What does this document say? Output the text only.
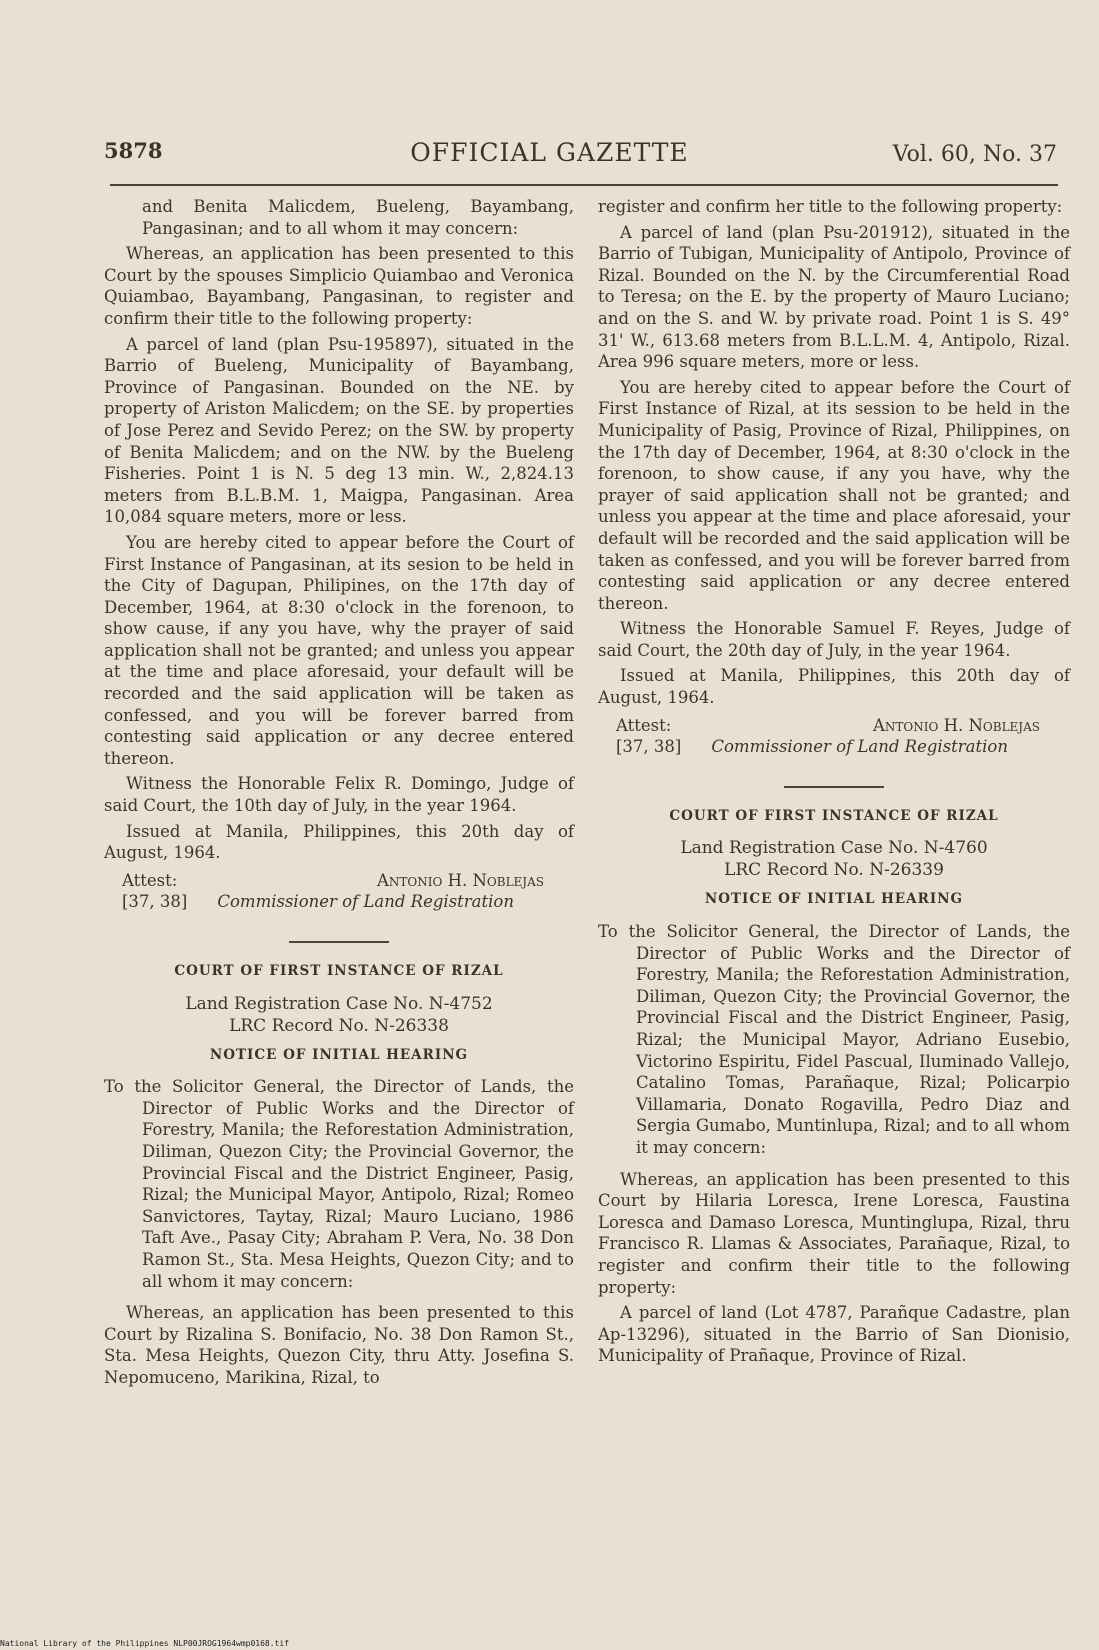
5878	OFFICIAL GAZETTE	Vol. 60, No. 37

and Benita Malicdem, Bueleng, Bayambang, Pangasinan; and to all whom it may concern:

Whereas, an application has been presented to this Court by the spouses Simplicio Quiambao and Veronica Quiambao, Bayambang, Pangasinan, to register and confirm their title to the following property:

A parcel of land (plan Psu-195897), situated in the Barrio of Bueleng, Municipality of Bayambang, Province of Pangasinan. Bounded on the NE. by property of Ariston Malicdem; on the SE. by properties of Jose Perez and Sevido Perez; on the SW. by property of Benita Malicdem; and on the NW. by the Bueleng Fisheries. Point 1 is N. 5 deg 13 min. W., 2,824.13 meters from B.L.B.M. 1, Maigpa, Pangasinan. Area 10,084 square meters, more or less.

You are hereby cited to appear before the Court of First Instance of Pangasinan, at its sesion to be held in the City of Dagupan, Philipines, on the 17th day of December, 1964, at 8:30 o'clock in the forenoon, to show cause, if any you have, why the prayer of said application shall not be granted; and unless you appear at the time and place aforesaid, your default will be recorded and the said application will be taken as confessed, and you will be forever barred from contesting said application or any decree entered thereon.

Witness the Honorable Felix R. Domingo, Judge of said Court, the 10th day of July, in the year 1964.

Issued at Manila, Philippines, this 20th day of August, 1964.

Attest:	Antonio H. Noblejas
[37, 38] Commissioner of Land Registration
COURT OF FIRST INSTANCE OF RIZAL
Land Registration Case No. N-4752
LRC Record No. N-26338
NOTICE OF INITIAL HEARING

To the Solicitor General, the Director of Lands, the Director of Public Works and the Director of Forestry, Manila; the Reforestation Administration, Diliman, Quezon City; the Provincial Governor, the Provincial Fiscal and the District Engineer, Pasig, Rizal; the Municipal Mayor, Antipolo, Rizal; Romeo Sanvictores, Taytay, Rizal; Mauro Luciano, 1986 Taft Ave., Pasay City; Abraham P. Vera, No. 38 Don Ramon St., Sta. Mesa Heights, Quezon City; and to all whom it may concern:

Whereas, an application has been presented to this Court by Rizalina S. Bonifacio, No. 38 Don Ramon St., Sta. Mesa Heights, Quezon City, thru Atty. Josefina S. Nepomuceno, Marikina, Rizal, to

register and confirm her title to the following property:

A parcel of land (plan Psu-201912), situated in the Barrio of Tubigan, Municipality of Antipolo, Province of Rizal. Bounded on the N. by the Circumferential Road to Teresa; on the E. by the property of Mauro Luciano; and on the S. and W. by private road. Point 1 is S. 49° 31' W., 613.68 meters from B.L.L.M. 4, Antipolo, Rizal. Area 996 square meters, more or less.

You are hereby cited to appear before the Court of First Instance of Rizal, at its session to be held in the Municipality of Pasig, Province of Rizal, Philippines, on the 17th day of December, 1964, at 8:30 o'clock in the forenoon, to show cause, if any you have, why the prayer of said application shall not be granted; and unless you appear at the time and place aforesaid, your default will be recorded and the said application will be taken as confessed, and you will be forever barred from contesting said application or any decree entered thereon.

Witness the Honorable Samuel F. Reyes, Judge of said Court, the 20th day of July, in the year 1964.

Issued at Manila, Philippines, this 20th day of August, 1964.

Attest:	Antonio H. Noblejas
[37, 38] Commissioner of Land Registration
COURT OF FIRST INSTANCE OF RIZAL
Land Registration Case No. N-4760
LRC Record No. N-26339
NOTICE OF INITIAL HEARING

To the Solicitor General, the Director of Lands, the Director of Public Works and the Director of Forestry, Manila; the Reforestation Administration, Diliman, Quezon City; the Provincial Governor, the Provincial Fiscal and the District Engineer, Pasig, Rizal; the Municipal Mayor, Adriano Eusebio, Victorino Espiritu, Fidel Pascual, Iluminado Vallejo, Catalino Tomas, Parañaque, Rizal; Policarpio Villamaria, Donato Rogavilla, Pedro Diaz and Sergia Gumabo, Muntinlupa, Rizal; and to all whom it may concern:

Whereas, an application has been presented to this Court by Hilaria Loresca, Irene Loresca, Faustina Loresca and Damaso Loresca, Muntinglupa, Rizal, thru Francisco R. Llamas & Associates, Parañaque, Rizal, to register and confirm their title to the following property:

A parcel of land (Lot 4787, Parañque Cadastre, plan Ap-13296), situated in the Barrio of San Dionisio, Municipality of Prañaque, Province of Rizal.

National Library of the Philippines NLP00JROG1964wmp0168.tif
